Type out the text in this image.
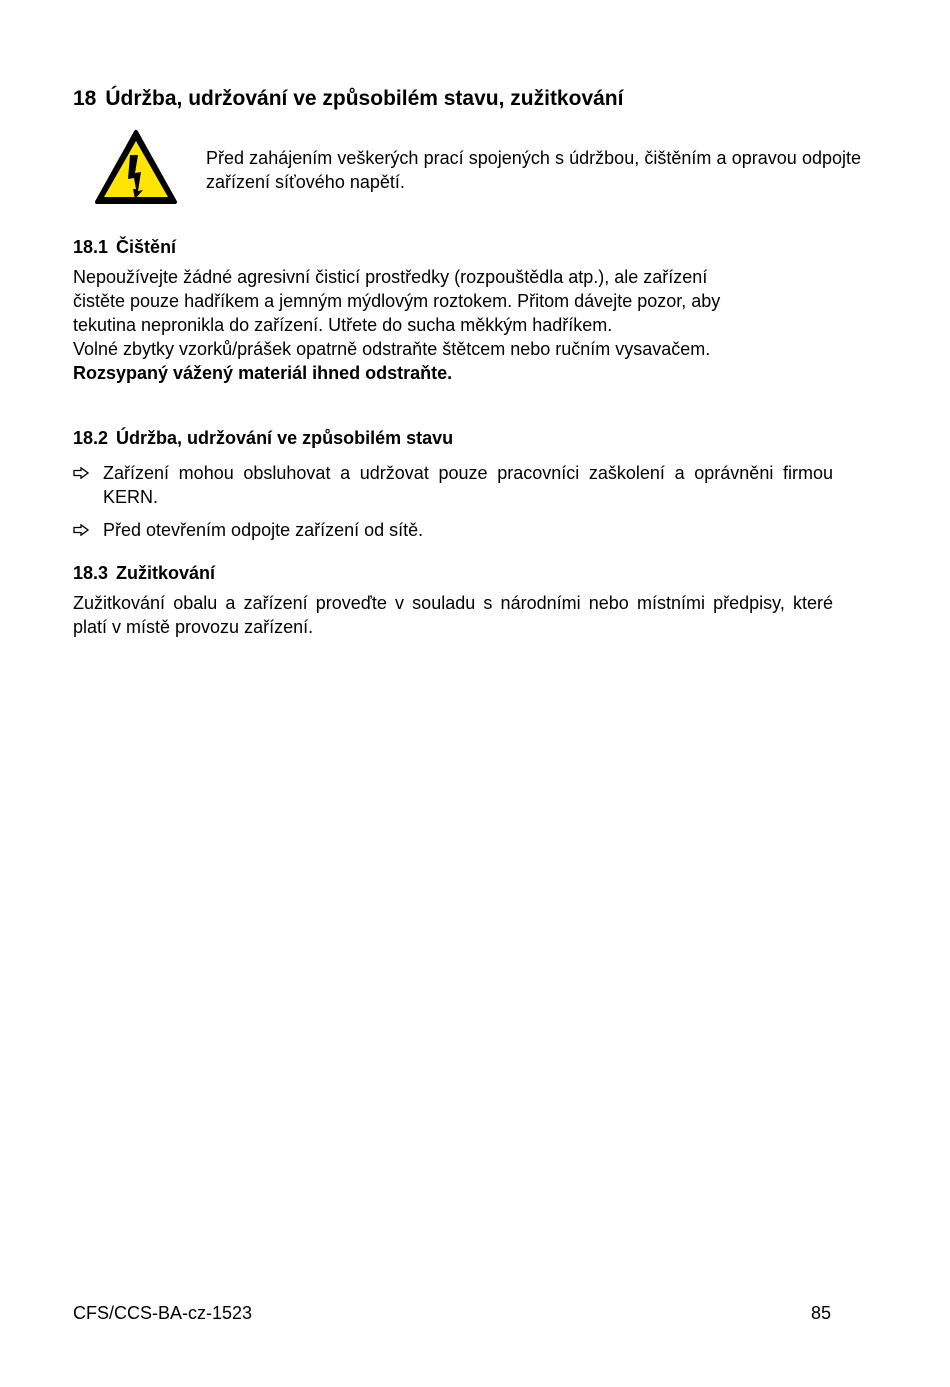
18 Údržba, udržování ve způsobilém stavu, zužitkování
Před zahájením veškerých prací spojených s údržbou, čištěním a opravou odpojte zařízení síťového napětí.
18.1 Čištění
Nepoužívejte žádné agresivní čisticí prostředky (rozpouštědla atp.), ale zařízení
čistěte pouze hadříkem a jemným mýdlovým roztokem. Přitom dávejte pozor, aby
tekutina nepronikla do zařízení. Utřete do sucha měkkým hadříkem.
Volné zbytky vzorků/prášek opatrně odstraňte štětcem nebo ručním vysavačem.
Rozsypaný vážený materiál ihned odstraňte.
18.2 Údržba, udržování ve způsobilém stavu
Zařízení mohou obsluhovat a udržovat pouze pracovníci zaškolení a oprávněni firmou KERN.
Před otevřením odpojte zařízení od sítě.
18.3 Zužitkování
Zužitkování obalu a zařízení proveďte v souladu s národními nebo místními předpisy, které platí v místě provozu zařízení.
CFS/CCS-BA-cz-1523	85
